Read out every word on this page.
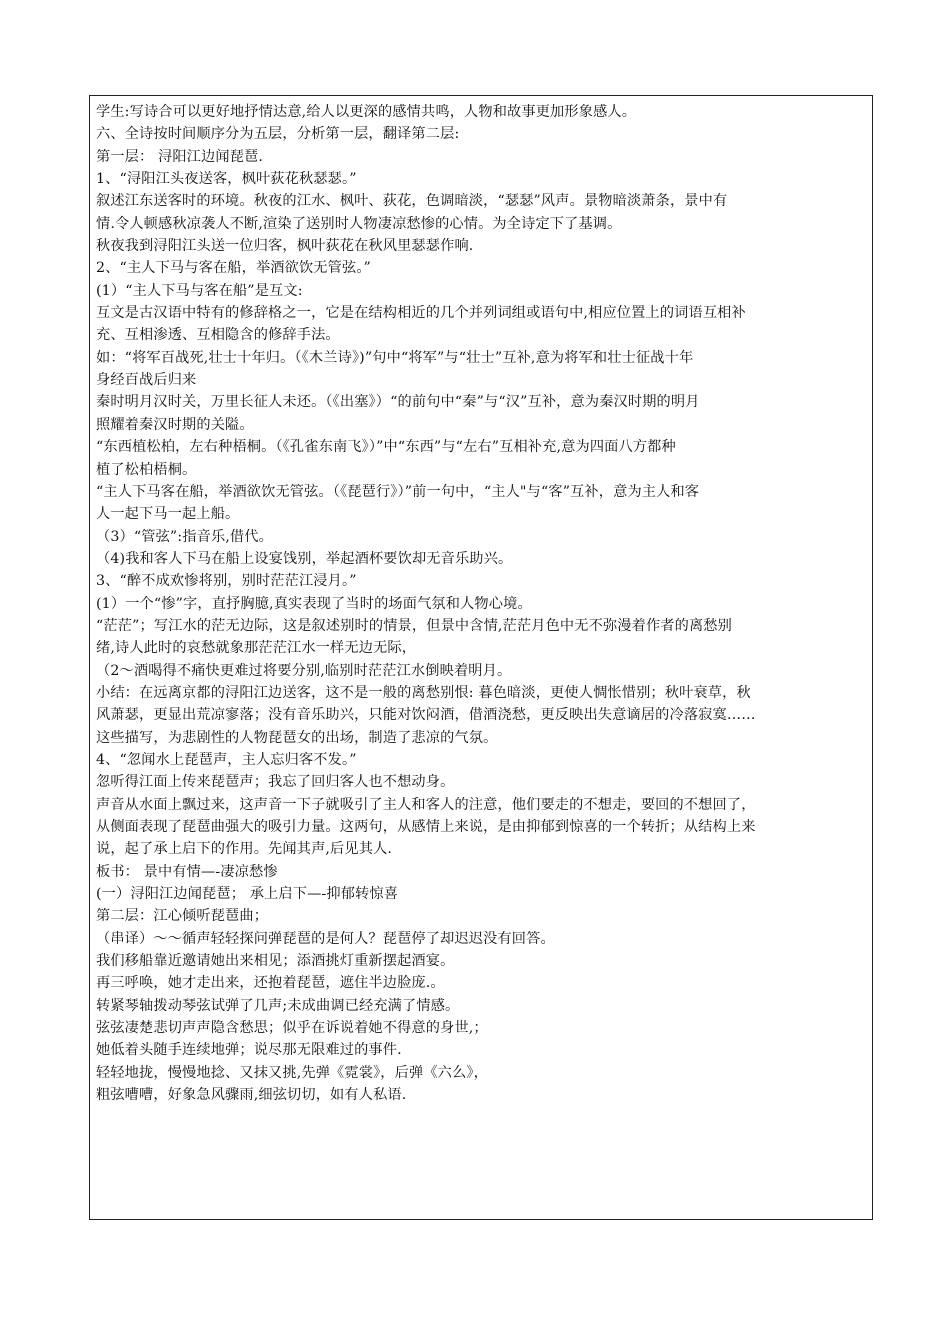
学生:写诗合可以更好地抒情达意,给人以更深的感情共鸣，人物和故事更加形象感人。
六、全诗按时间顺序分为五层，分析第一层，翻译第二层:
第一层： 浔阳江边闻琵琶.
1、“浔阳江头夜送客，枫叶荻花秋瑟瑟。”
叙述江东送客时的环境。秋夜的江水、枫叶、荻花，色调暗淡，“瑟瑟”风声。景物暗淡萧条，景中有
情.令人顿感秋凉袭人不断,渲染了送别时人物凄凉愁惨的心情。为全诗定下了基调。
秋夜我到浔阳江头送一位归客，枫叶荻花在秋风里瑟瑟作响.
2、“主人下马与客在船，举酒欲饮无管弦。”
(1）“主人下马与客在船”是互文:
互文是古汉语中特有的修辞格之一，它是在结构相近的几个并列词组或语句中,相应位置上的词语互相补
充、互相渗透、互相隐含的修辞手法。
如：“将军百战死,壮士十年归。（《木兰诗》)”句中“将军”与“壮士”互补,意为将军和壮士征战十年
身经百战后归来
秦时明月汉时关，万里长征人未还。（《出塞》）“的前句中“秦”与“汉”互补，意为秦汉时期的明月
照耀着秦汉时期的关隘。
“东西植松柏，左右种梧桐。（《孔雀东南飞》）”中“东西”与“左右”互相补充,意为四面八方都种
植了松柏梧桐。
“主人下马客在船，举酒欲饮无管弦。（《琵琶行》）”前一句中，“主人"与“客”互补，意为主人和客
人一起下马一起上船。
（3）“管弦”:指音乐,借代。
（4)我和客人下马在船上设宴饯别，举起酒杯要饮却无音乐助兴。
3、“醉不成欢惨将别，别时茫茫江浸月。”
(1）一个“惨”字，直抒胸臆,真实表现了当时的场面气氛和人物心境。
“茫茫”；写江水的茫无边际，这是叙述别时的情景，但景中含情,茫茫月色中无不弥漫着作者的离愁别
绪,诗人此时的哀愁就象那茫茫江水一样无边无际，
（2～酒喝得不痛快更难过将要分别,临别时茫茫江水倒映着明月。
小结：在远离京都的浔阳江边送客，这不是一般的离愁别恨: 暮色暗淡，更使人惆怅惜别；秋叶衰草，秋
风萧瑟，更显出荒凉寥落；没有音乐助兴，只能对饮闷酒，借酒浇愁，更反映出失意谪居的冷落寂寞……
这些描写，为悲剧性的人物琵琶女的出场，制造了悲凉的气氛。
4、“忽闻水上琵琶声，主人忘归客不发。”
忽听得江面上传来琵琶声；我忘了回归客人也不想动身。
声音从水面上飘过来，这声音一下子就吸引了主人和客人的注意，他们要走的不想走，要回的不想回了，
从侧面表现了琵琶曲强大的吸引力量。这两句，从感情上来说，是由抑郁到惊喜的一个转折；从结构上来
说，起了承上启下的作用。先闻其声,后见其人.
板书： 景中有情—-凄凉愁惨
(一）浔阳江边闻琵琶； 承上启下—-抑郁转惊喜
第二层：江心倾听琵琶曲；
（串译）～～循声轻轻探问弹琵琶的是何人？琵琶停了却迟迟没有回答。
我们移船靠近邀请她出来相见；添酒挑灯重新摆起酒宴。
再三呼唤，她才走出来，还抱着琵琶，遮住半边脸庞.。
转紧琴轴拨动琴弦试弹了几声;未成曲调已经充满了情感。
弦弦凄楚悲切声声隐含愁思；似乎在诉说着她不得意的身世,；
她低着头随手连续地弹；说尽那无限难过的事件.
轻轻地拢，慢慢地捻、又抹又挑,先弹《霓裳》，后弹《六么》，
粗弦嘈嘈，好象急风骤雨,细弦切切，如有人私语.
